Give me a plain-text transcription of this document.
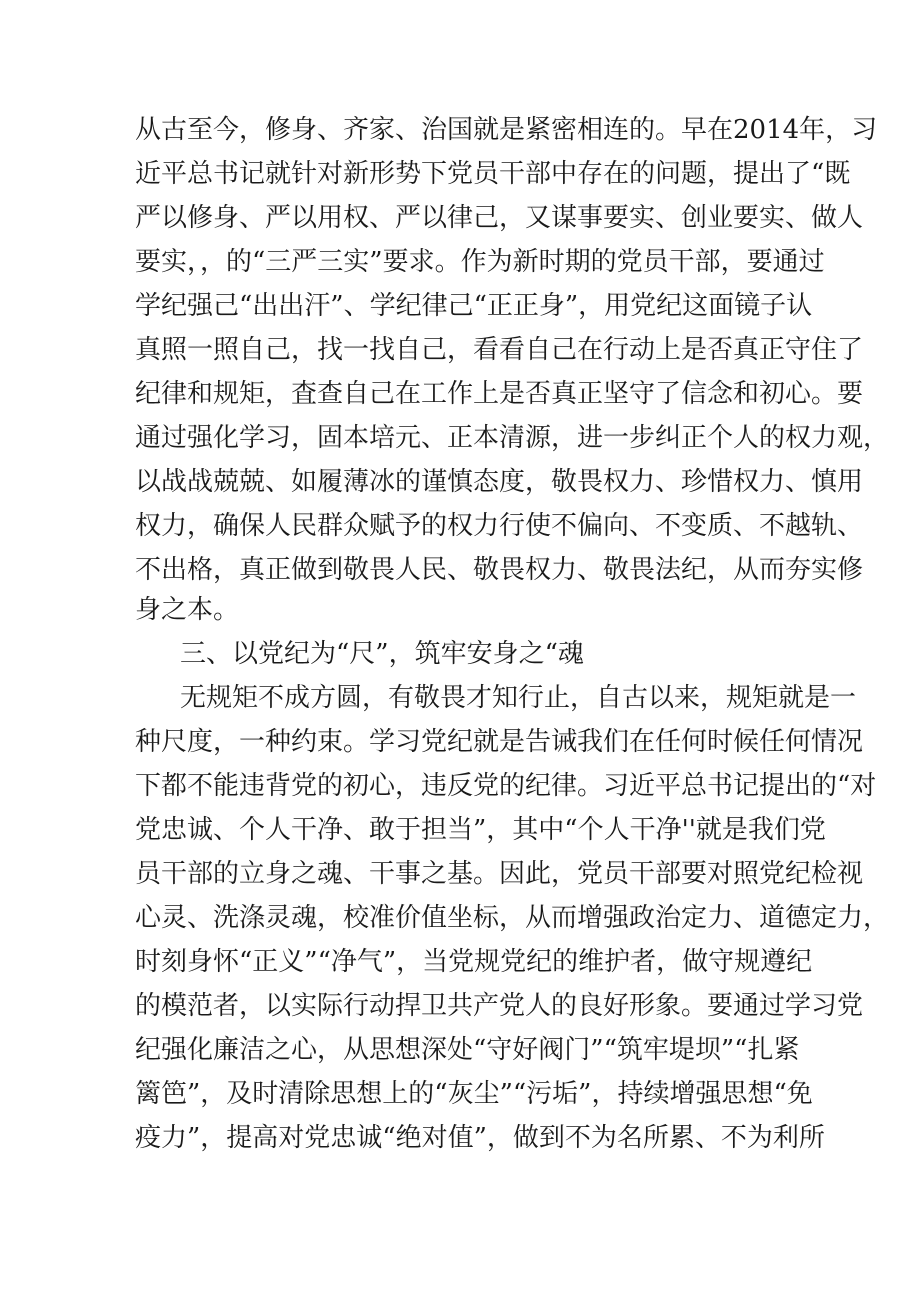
从古至今，修身、齐家、治国就是紧密相连的。早在2014年，习
近平总书记就针对新形势下党员干部中存在的问题，提出了“既
严以修身、严以用权、严以律己，又谋事要实、创业要实、做人
要实，，的“三严三实”要求。作为新时期的党员干部，要通过
学纪强己“出出汗”、学纪律己“正正身”，用党纪这面镜子认
真照一照自己，找一找自己，看看自己在行动上是否真正守住了
纪律和规矩，査查自己在工作上是否真正坚守了信念和初心。要
通过强化学习，固本培元、正本清源，进一步纠正个人的权力观，
以战战兢兢、如履薄冰的谨慎态度，敬畏权力、珍惜权力、慎用
权力，确保人民群众赋予的权力行使不偏向、不变质、不越轨、
不出格，真正做到敬畏人民、敬畏权力、敬畏法纪，从而夯实修
身之本。
三、以党纪为“尺”，筑牢安身之“魂
无规矩不成方圆，有敬畏才知行止，自古以来，规矩就是一
种尺度，一种约束。学习党纪就是告诫我们在任何时候任何情况
下都不能违背党的初心，违反党的纪律。习近平总书记提出的“对
党忠诚、个人干净、敢于担当”，其中“个人干净''就是我们党
员干部的立身之魂、干事之基。因此，党员干部要对照党纪检视
心灵、洗涤灵魂，校准价值坐标，从而增强政治定力、道德定力，
时刻身怀“正义”“净气”，当党规党纪的维护者，做守规遵纪
的模范者，以实际行动捍卫共产党人的良好形象。要通过学习党
纪强化廉洁之心，从思想深处“守好阀门”“筑牢堤坝”“扎紧
篱笆”，及时清除思想上的“灰尘”“污垢”，持续增强思想“免
疫力”，提高对党忠诚“绝对值”，做到不为名所累、不为利所
